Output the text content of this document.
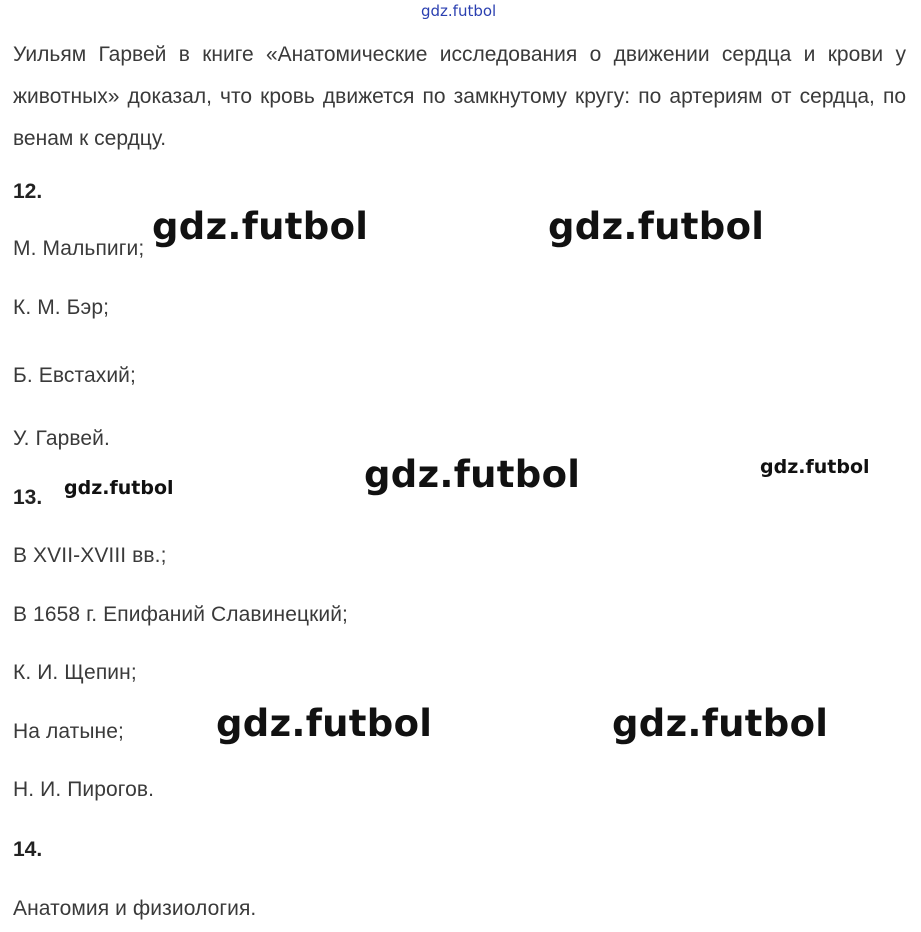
gdz.futbol
Уильям Гарвей в книге «Анатомические исследования о движении сердца и крови у животных» доказал, что кровь движется по замкнутому кругу: по артериям от сердца, по венам к сердцу.
12.
М. Мальпиги;
К. М. Бэр;
Б. Евстахий;
У. Гарвей.
13.
В XVII-XVIII вв.;
В 1658 г. Епифаний Славинецкий;
К. И. Щепин;
На латыне;
Н. И. Пирогов.
14.
Анатомия и физиология.
gdz.futbol	gdz.futbol
gdz.futbol	gdz.futbol
gdz.futbol
gdz.futbol	gdz.futbol
